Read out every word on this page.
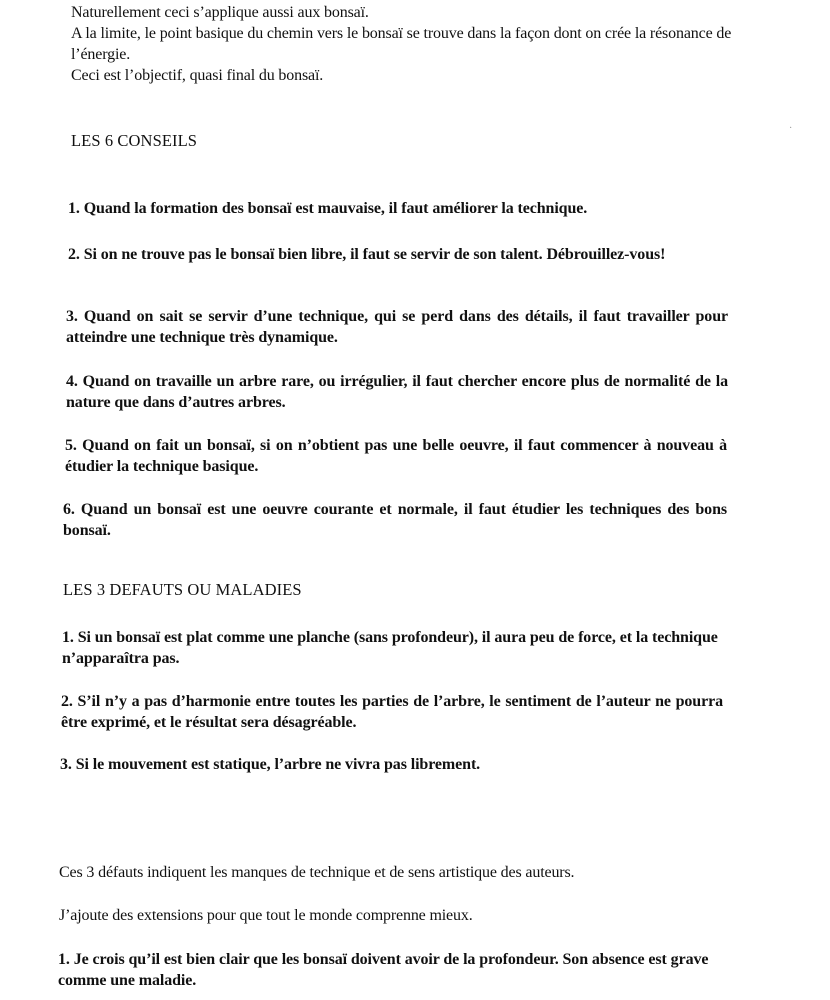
Naturellement ceci s’applique aussi aux bonsaï.

A la limite, le point basique du chemin vers le bonsaï se trouve dans la façon dont on crée la résonance de l’énergie.

Ceci est l’objectif, quasi final du bonsaï.

·
LES 6 CONSEILS

1. Quand la formation des bonsaï est mauvaise, il faut améliorer la technique.

2. Si on ne trouve pas le bonsaï bien libre, il faut se servir de son talent. Débrouillez-vous!

3. Quand on sait se servir d’une technique, qui se perd dans des détails, il faut travailler pour atteindre une technique très dynamique.

4. Quand on travaille un arbre rare, ou irrégulier, il faut chercher encore plus de normalité de la nature que dans d’autres arbres.

5. Quand on fait un bonsaï, si on n’obtient pas une belle oeuvre, il faut commencer à nouveau à étudier la technique basique.

6. Quand un bonsaï est une oeuvre courante et normale, il faut étudier les techniques des bons bonsaï.

LES 3 DEFAUTS OU MALADIES

1. Si un bonsaï est plat comme une planche (sans profondeur), il aura peu de force, et la technique n’apparaîtra pas.

2. S’il n’y a pas d’harmonie entre toutes les parties de l’arbre, le sentiment de l’auteur ne pourra être exprimé, et le résultat sera désagréable.

3. Si le mouvement est statique, l’arbre ne vivra pas librement.

Ces 3 défauts indiquent les manques de technique et de sens artistique des auteurs.

J’ajoute des extensions pour que tout le monde comprenne mieux.

1. Je crois qu’il est bien clair que les bonsaï doivent avoir de la profondeur. Son absence est grave comme une maladie.
